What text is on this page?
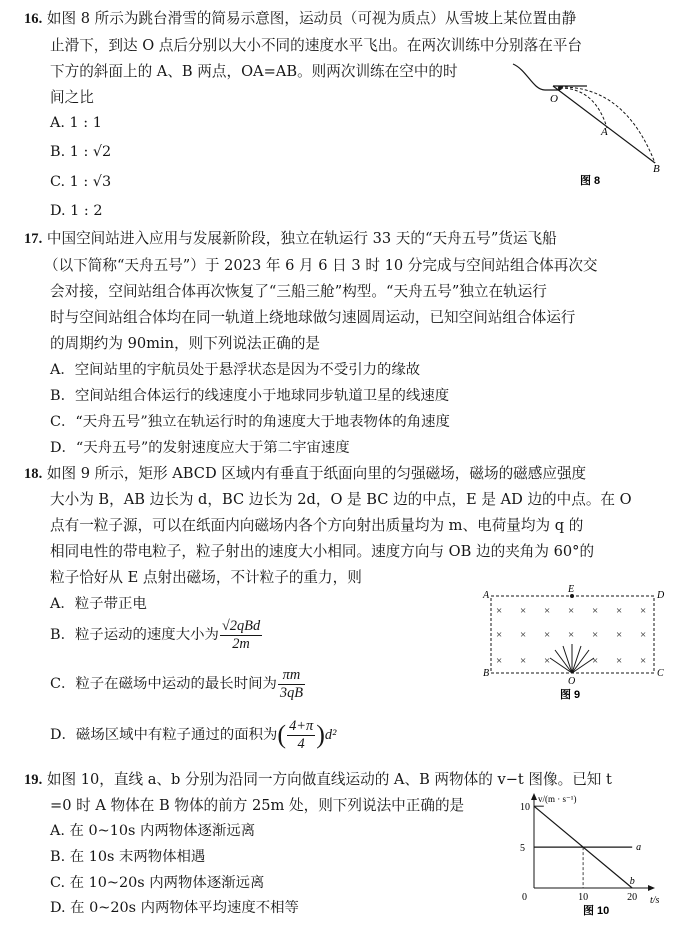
16. 如图 8 所示为跳台滑雪的简易示意图，运动员（可视为质点）从雪坡上某位置由静
止滑下，到达 O 点后分别以大小不同的速度水平飞出。在两次训练中分别落在平台
下方的斜面上的 A、B 两点，OA=AB。则两次训练在空中的时
间之比
A. 1 : 1
B. 1 : √2
C. 1 : √3
D. 1 : 2
O
A
B
图 8
17. 中国空间站进入应用与发展新阶段，独立在轨运行 33 天的“天舟五号”货运飞船
（以下简称“天舟五号”）于 2023 年 6 月 6 日 3 时 10 分完成与空间站组合体再次交
会对接，空间站组合体再次恢复了“三船三舱”构型。“天舟五号”独立在轨运行
时与空间站组合体均在同一轨道上绕地球做匀速圆周运动，已知空间站组合体运行
的周期约为 90min，则下列说法正确的是
A．空间站里的宇航员处于悬浮状态是因为不受引力的缘故
B．空间站组合体运行的线速度小于地球同步轨道卫星的线速度
C．“天舟五号”独立在轨运行时的角速度大于地表物体的角速度
D．“天舟五号”的发射速度应大于第二宇宙速度
18. 如图 9 所示，矩形 ABCD 区域内有垂直于纸面向里的匀强磁场，磁场的磁感应强度
大小为 B，AB 边长为 d，BC 边长为 2d，O 是 BC 边的中点，E 是 AD 边的中点。在 O
点有一粒子源，可以在纸面内向磁场内各个方向射出质量均为 m、电荷量均为 q 的
相同电性的带电粒子，粒子射出的速度大小相同。速度方向与 OB 边的夹角为 60°的
粒子恰好从 E 点射出磁场，不计粒子的重力，则
A．粒子带正电
B．粒子运动的速度大小为 $\frac{\text{√2qBd}}{2m}$
C．粒子在磁场中运动的最长时间为 $\frac{\pi m}{3qB}$
D．磁场区域中有粒子通过的面积为 ( $\frac{4+\pi}{4}$ ) d²
× × × × × × ×
× × × × × × ×
× × ×	× × ×
A
B	C
D
E
O
图 9
19. 如图 10，直线 a、b 分别为沿同一方向做直线运动的 A、B 两物体的 v−t 图像。已知 t
=0 时 A 物体在 B 物体的前方 25m 处，则下列说法中正确的是
A. 在 0~10s 内两物体逐渐远离
B. 在 10s 末两物体相遇
C. 在 10~20s 内两物体逐渐远离
D. 在 0~20s 内两物体平均速度不相等
a
b
10
5
0	10	20
v/(m · s⁻¹)
t/s
图 10
